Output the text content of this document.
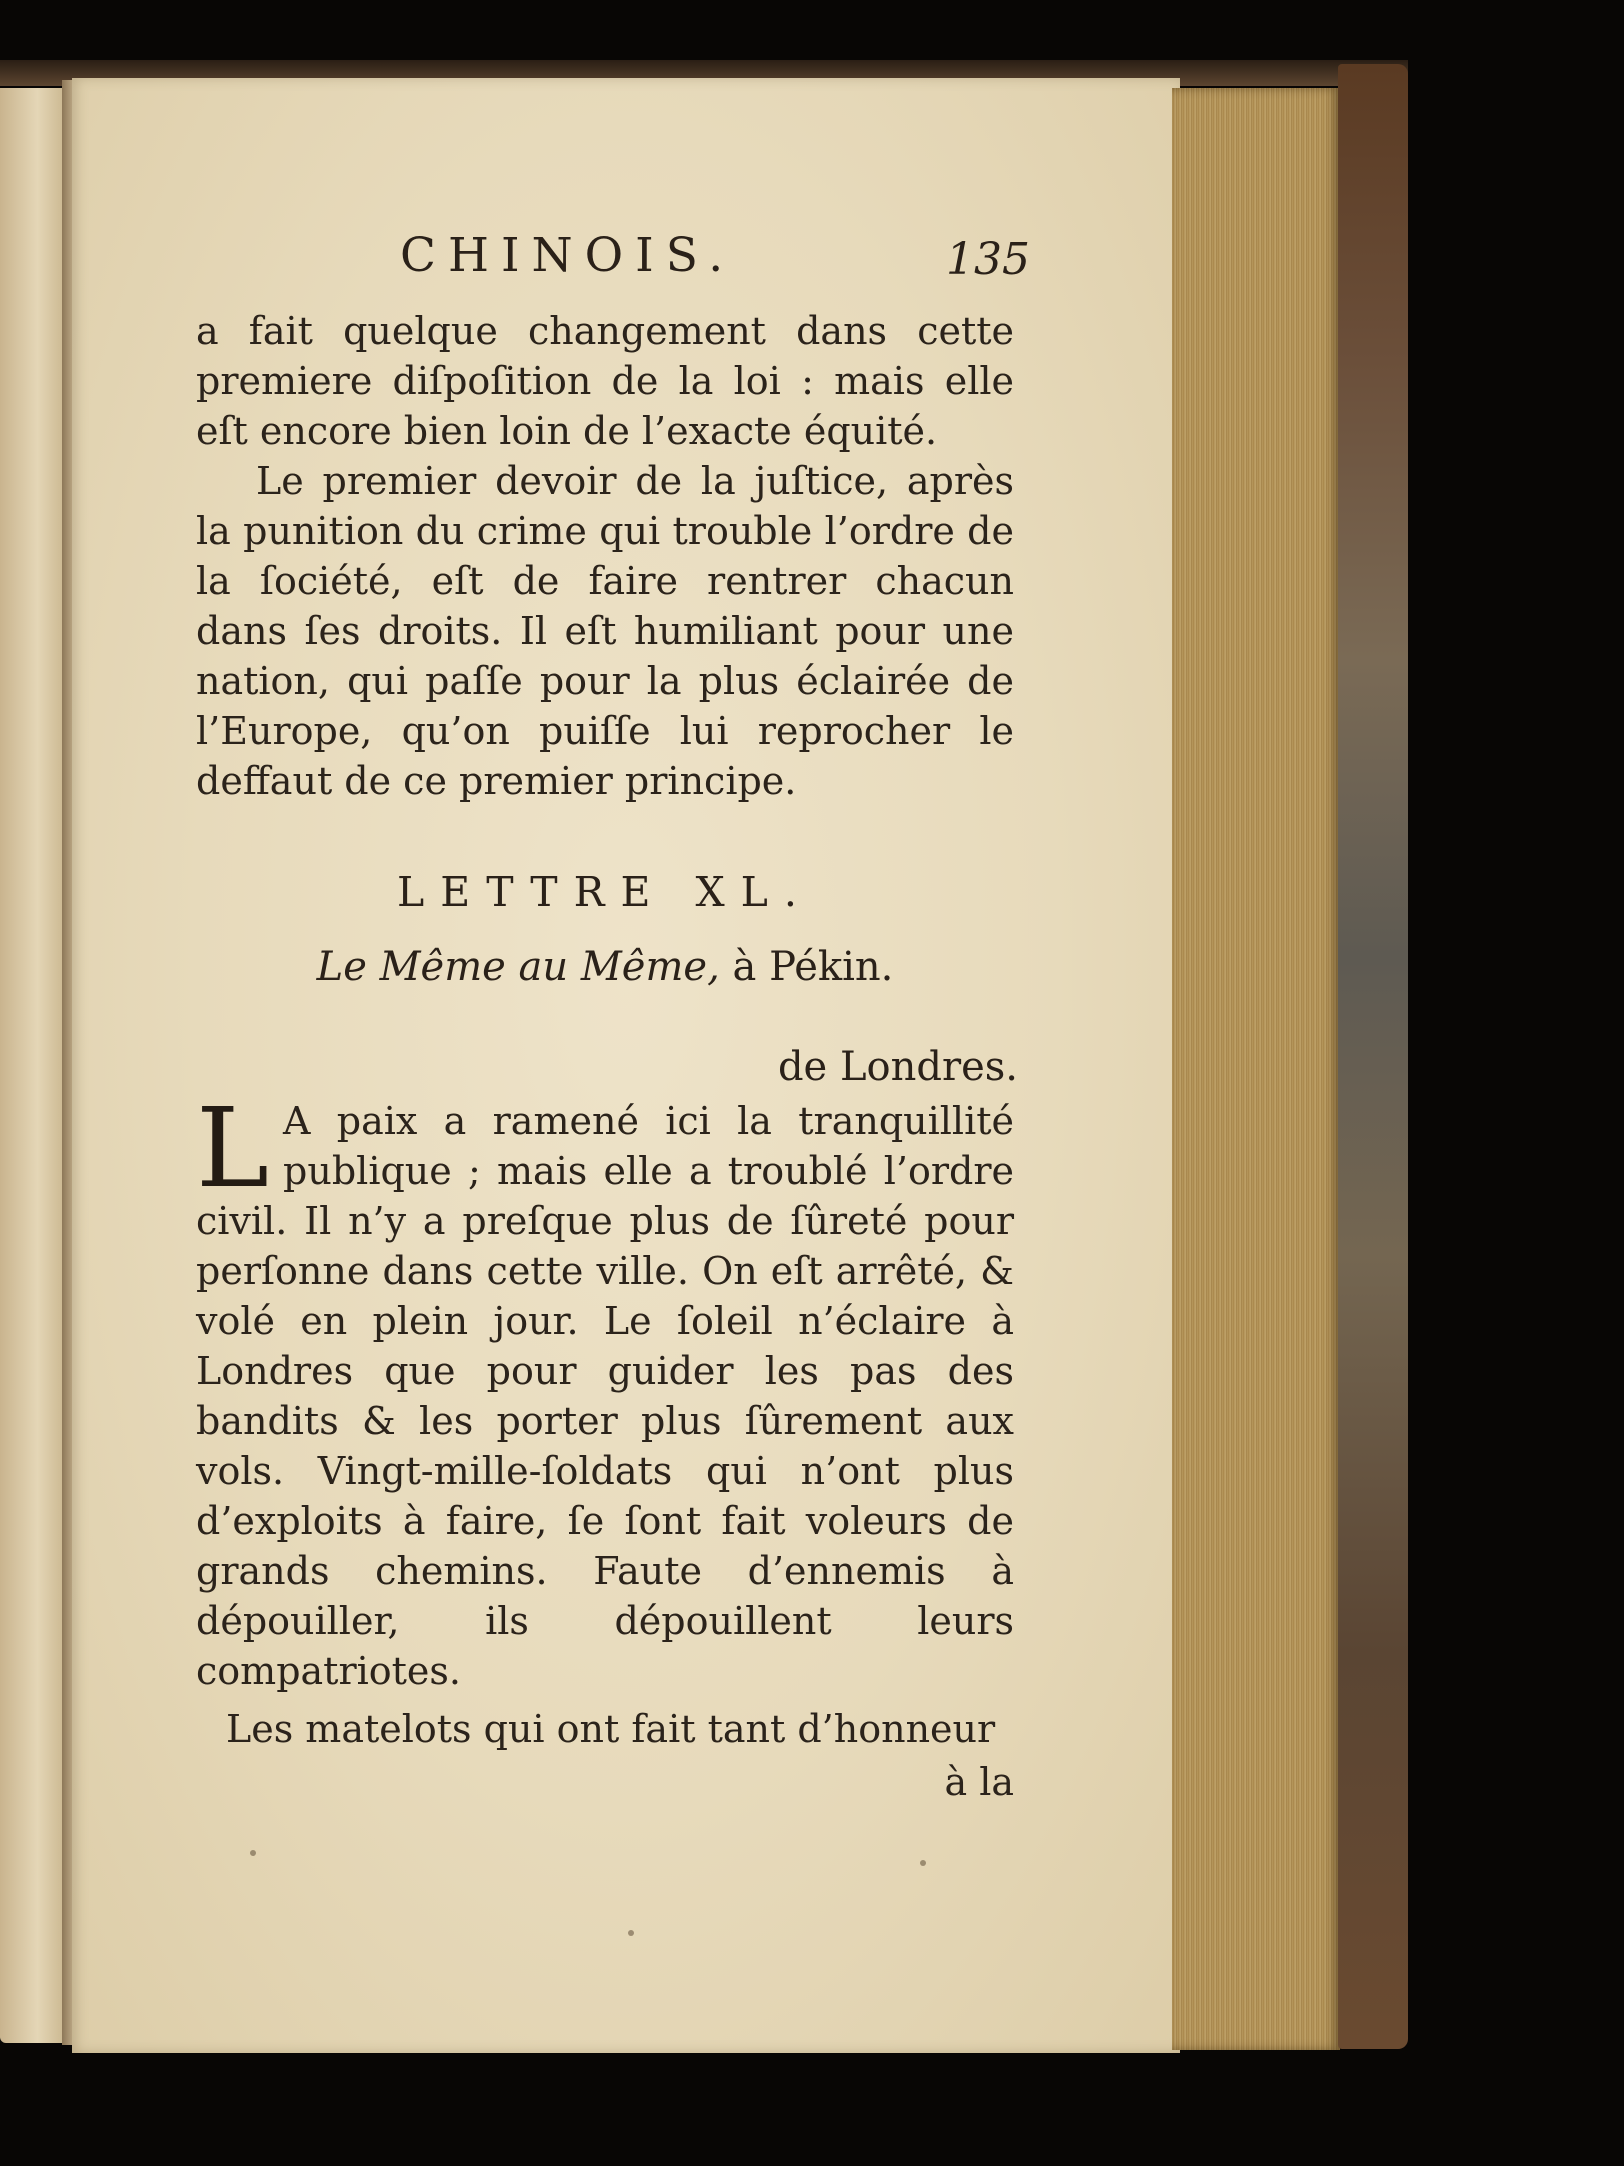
CHINOIS.	135
a fait quelque changement dans cette premiere diſpoſition de la loi : mais elle eſt encore bien loin de l’exacte équité.
Le premier devoir de la juſtice, après la punition du crime qui trouble l’ordre de la ſociété, eſt de faire rentrer chacun dans ſes droits. Il eſt humiliant pour une nation, qui paſſe pour la plus éclairée de l’Europe, qu’on puiſſe lui reprocher le deffaut de ce premier principe.
LETTRE XL.
Le Même au Même, à Pékin.
de Londres.
L A paix a ramené ici la tranquillité publique ; mais elle a troublé l’ordre civil. Il n’y a preſque plus de ſûreté pour perſonne dans cette ville. On eſt arrêté, & volé en plein jour. Le ſoleil n’éclaire à Londres que pour guider les pas des bandits & les porter plus ſûrement aux vols. Vingt-mille-ſoldats qui n’ont plus d’exploits à faire, ſe ſont fait voleurs de grands chemins. Faute d’ennemis à dépouiller, ils dépouillent leurs compatriotes.
Les matelots qui ont fait tant d’honneur
à la
